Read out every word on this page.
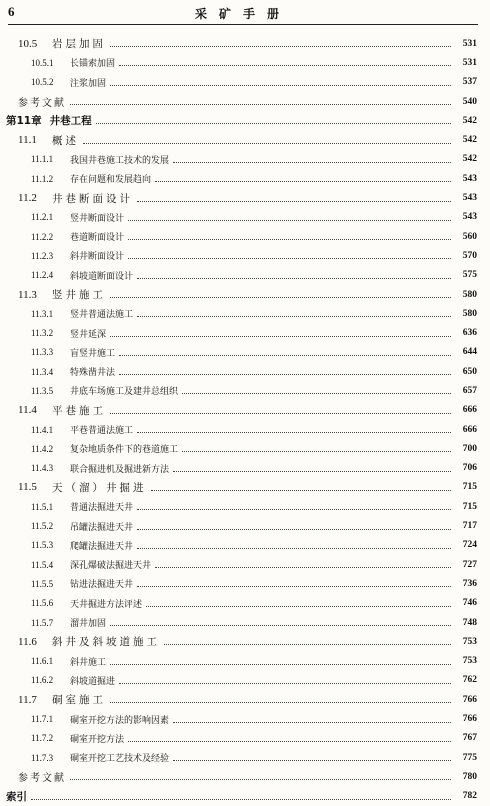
6	采矿手册
10.5	岩层加固	531
10.5.1	长锚索加固	531
10.5.2	注浆加固	537
参考文献	540
第11章 井巷工程	542
11.1	概述	542
11.1.1	我国井巷施工技术的发展	542
11.1.2	存在问题和发展趋向	543
11.2	井巷断面设计	543
11.2.1	竖井断面设计	543
11.2.2	巷道断面设计	560
11.2.3	斜井断面设计	570
11.2.4	斜坡道断面设计	575
11.3	竖井施工	580
11.3.1	竖井普通法施工	580
11.3.2	竖井延深	636
11.3.3	盲竖井施工	644
11.3.4	特殊凿井法	650
11.3.5	井底车场施工及建井总组织	657
11.4	平巷施工	666
11.4.1	平巷普通法施工	666
11.4.2	复杂地质条件下的巷道施工	700
11.4.3	联合掘进机及掘进新方法	706
11.5	天（溜）井掘进	715
11.5.1	普通法掘进天井	715
11.5.2	吊罐法掘进天井	717
11.5.3	爬罐法掘进天井	724
11.5.4	深孔爆破法掘进天井	727
11.5.5	钻进法掘进天井	736
11.5.6	天井掘进方法评述	746
11.5.7	溜井加固	748
11.6	斜井及斜坡道施工	753
11.6.1	斜井施工	753
11.6.2	斜坡道掘进	762
11.7	硐室施工	766
11.7.1	硐室开挖方法的影响因素	766
11.7.2	硐室开挖方法	767
11.7.3	硐室开挖工艺技术及经验	775
参考文献	780
索引	782
